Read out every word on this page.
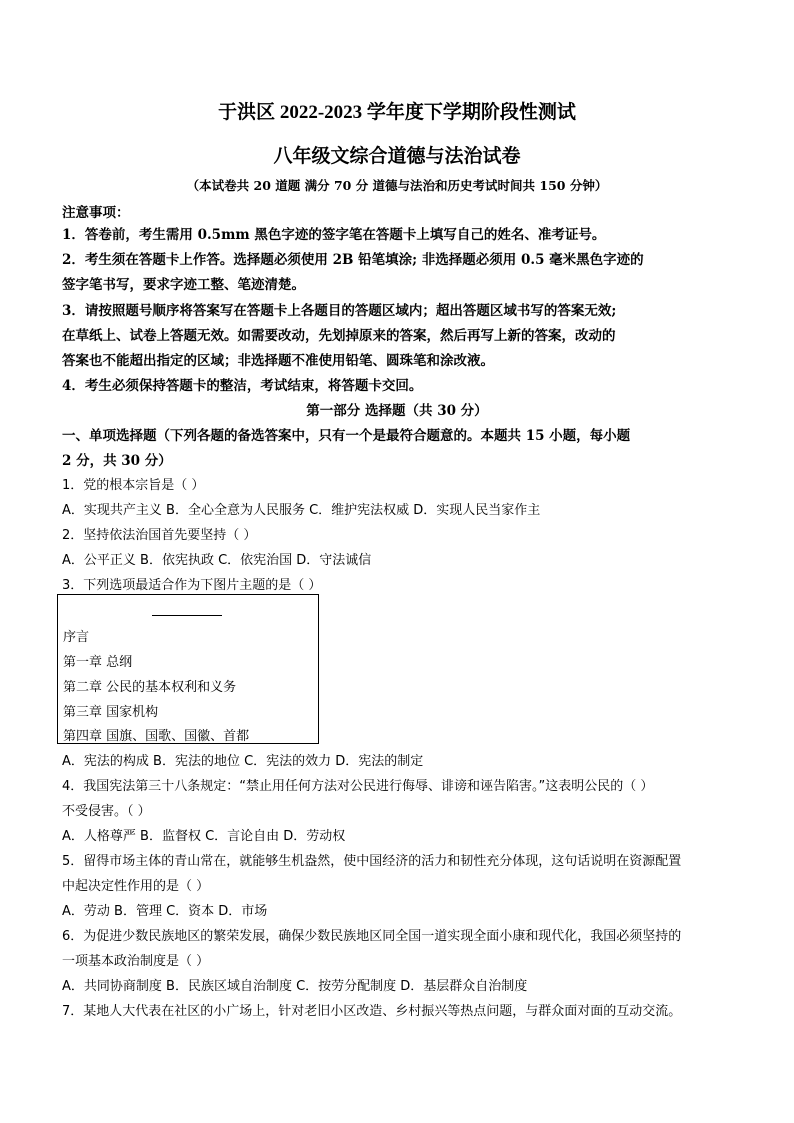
于洪区 2022-2023 学年度下学期阶段性测试
八年级文综合道德与法治试卷
（本试卷共 20 道题 满分 70 分 道德与法治和历史考试时间共 150 分钟）
注意事项：
1．答卷前，考生需用 0.5mm 黑色字迹的签字笔在答题卡上填写自己的姓名、准考证号。
2．考生须在答题卡上作答。选择题必须使用 2B 铅笔填涂; 非选择题必须用 0.5 毫米黑色字迹的
签字笔书写，要求字迹工整、笔迹清楚。
3．请按照题号顺序将答案写在答题卡上各题目的答题区域内；超出答题区域书写的答案无效;
在草纸上、试卷上答题无效。如需要改动，先划掉原来的答案，然后再写上新的答案，改动的
答案也不能超出指定的区域；非选择题不准使用铅笔、圆珠笔和涂改液。
4．考生必须保持答题卡的整洁，考试结束，将答题卡交回。
第一部分 选择题（共 30 分）
一、单项选择题（下列各题的备选答案中，只有一个是最符合题意的。本题共 15 小题，每小题
2 分，共 30 分）
1．党的根本宗旨是（ ）
A．实现共产主义 B．全心全意为人民服务 C．维护宪法权威 D．实现人民当家作主
2．坚持依法治国首先要坚持（ ）
A．公平正义 B．依宪执政 C．依宪治国 D．守法诚信
3．下列选项最适合作为下图片主题的是（ ）
序言
第一章 总纲
第二章 公民的基本权利和义务
第三章 国家机构
第四章 国旗、国歌、国徽、首都
A．宪法的构成 B．宪法的地位 C．宪法的效力 D．宪法的制定
4．我国宪法第三十八条规定：“禁止用任何方法对公民进行侮辱、诽谤和诬告陷害。”这表明公民的（ ）
不受侵害。（ ）
A．人格尊严 B．监督权 C．言论自由 D．劳动权
5．留得市场主体的青山常在，就能够生机盎然，使中国经济的活力和韧性充分体现，这句话说明在资源配置
中起决定性作用的是（ ）
A．劳动 B．管理 C．资本 D．市场
6．为促进少数民族地区的繁荣发展，确保少数民族地区同全国一道实现全面小康和现代化，我国必须坚持的
一项基本政治制度是（ ）
A．共同协商制度 B．民族区域自治制度 C．按劳分配制度 D．基层群众自治制度
7．某地人大代表在社区的小广场上，针对老旧小区改造、乡村振兴等热点问题，与群众面对面的互动交流。
